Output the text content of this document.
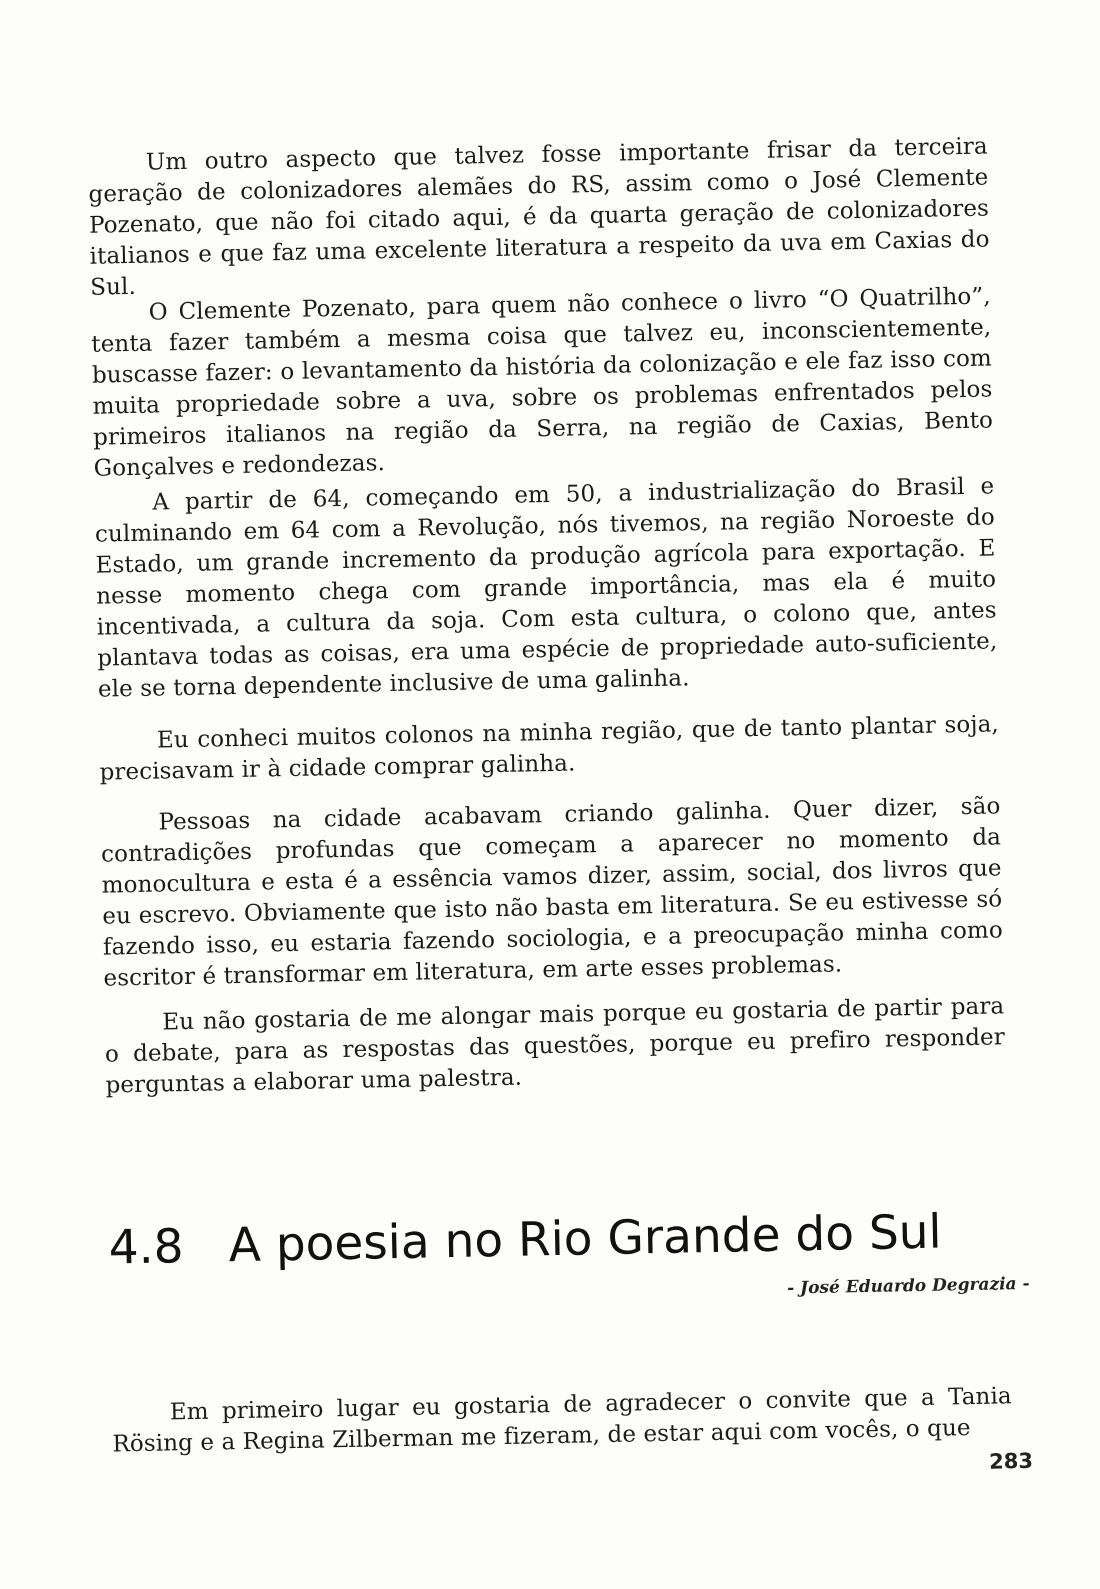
Um outro aspecto que talvez fosse importante frisar da terceira geração de colonizadores alemães do RS, assim como o José Clemente Pozenato, que não foi citado aqui, é da quarta geração de colonizadores italianos e que faz uma excelente literatura a respeito da uva em Caxias do Sul. O Clemente Pozenato, para quem não conhece o livro “O Quatrilho”, tenta fazer também a mesma coisa que talvez eu, inconscientemente, buscasse fazer: o levantamento da história da colonização e ele faz isso com muita propriedade sobre a uva, sobre os problemas enfrentados pelos primeiros italianos na região da Serra, na região de Caxias, Bento Gonçalves e redondezas.

A partir de 64, começando em 50, a industrialização do Brasil e culminando em 64 com a Revolução, nós tivemos, na região Noroeste do Estado, um grande incremento da produção agrícola para exportação. E nesse momento chega com grande importância, mas ela é muito incentivada, a cultura da soja. Com esta cultura, o colono que, antes plantava todas as coisas, era uma espécie de propriedade auto-suficiente, ele se torna dependente inclusive de uma galinha.

Eu conheci muitos colonos na minha região, que de tanto plantar soja, precisavam ir à cidade comprar galinha.

Pessoas na cidade acabavam criando galinha. Quer dizer, são contradições profundas que começam a aparecer no momento da monocultura e esta é a essência vamos dizer, assim, social, dos livros que eu escrevo. Obviamente que isto não basta em literatura. Se eu estivesse só fazendo isso, eu estaria fazendo sociologia, e a preocupação minha como escritor é transformar em literatura, em arte esses problemas.

Eu não gostaria de me alongar mais porque eu gostaria de partir para o debate, para as respostas das questões, porque eu prefiro responder perguntas a elaborar uma palestra.

4.8 A poesia no Rio Grande do Sul
- José Eduardo Degrazia -

Em primeiro lugar eu gostaria de agradecer o convite que a Tania Rösing e a Regina Zilberman me fizeram, de estar aqui com vocês, o que

283
